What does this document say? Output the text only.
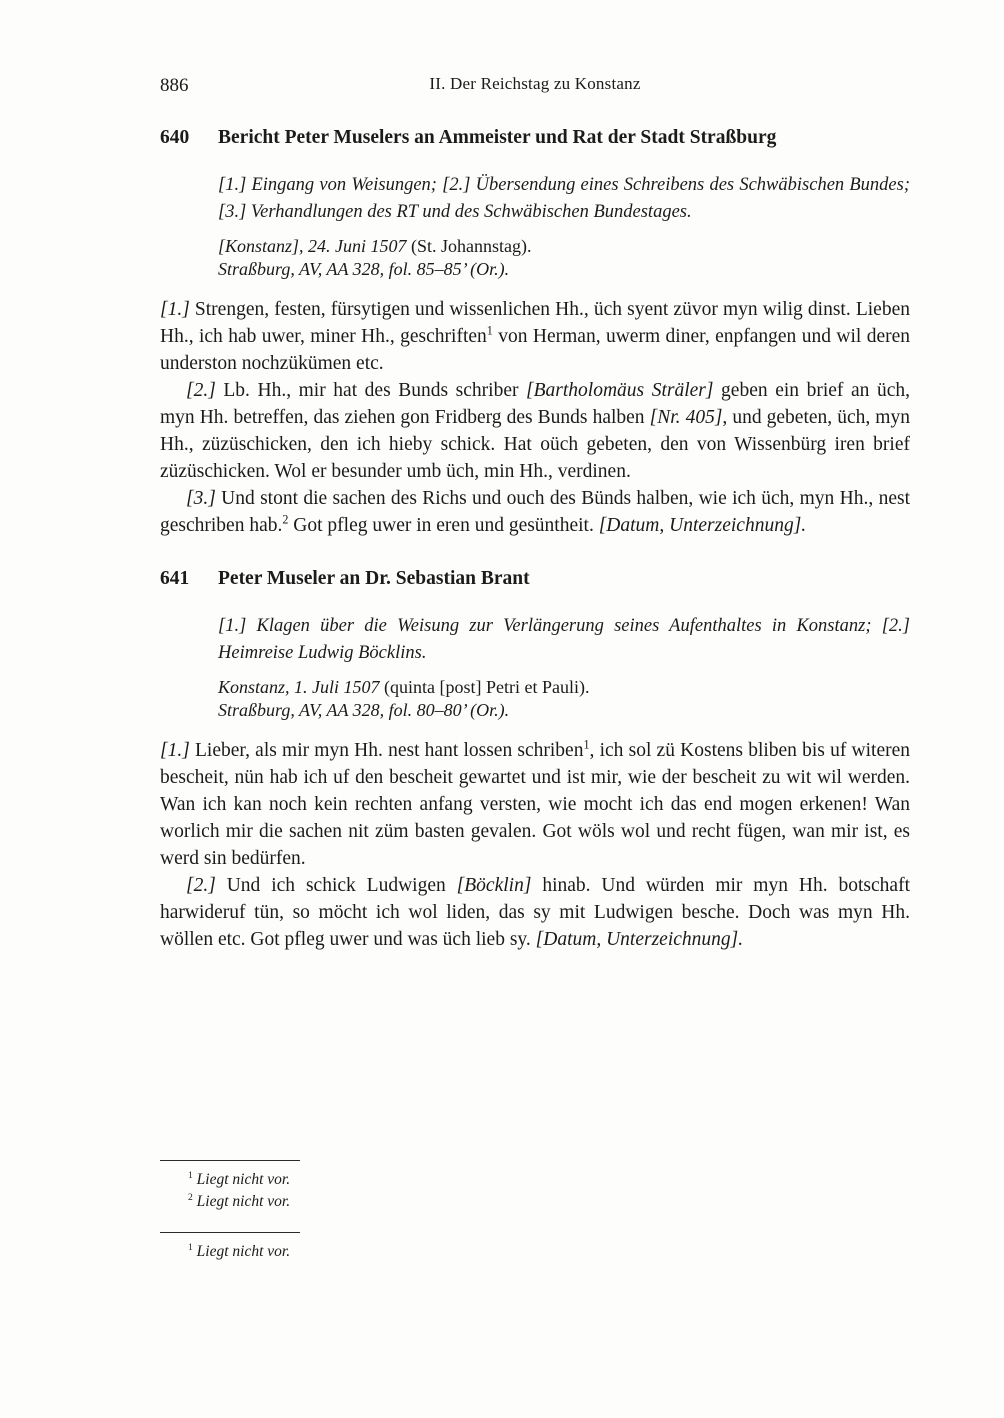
886	II. Der Reichstag zu Konstanz
640	Bericht Peter Muselers an Ammeister und Rat der Stadt Straßburg

[1.] Eingang von Weisungen; [2.] Übersendung eines Schreibens des Schwäbischen Bundes; [3.] Verhandlungen des RT und des Schwäbischen Bundestages.

[Konstanz], 24. Juni 1507 (St. Johannstag).

Straßburg, AV, AA 328, fol. 85–85’ (Or.).

[1.] Strengen, festen, fürsytigen und wissenlichen Hh., üch syent züvor myn wilig dinst. Lieben Hh., ich hab uwer, miner Hh., geschriften$^1$ von Herman, uwerm diner, enpfangen und wil deren underston nochzükümen etc.

[2.] Lb. Hh., mir hat des Bunds schriber [Bartholomäus Sträler] geben ein brief an üch, myn Hh. betreffen, das ziehen gon Fridberg des Bunds halben [Nr. 405], und gebeten, üch, myn Hh., züzüschicken, den ich hieby schick. Hat oüch gebeten, den von Wissenbürg iren brief züzüschicken. Wol er besunder umb üch, min Hh., verdinen.

[3.] Und stont die sachen des Richs und ouch des Bünds halben, wie ich üch, myn Hh., nest geschriben hab.$^2$ Got pfleg uwer in eren und gesüntheit. [Datum, Unterzeichnung].

641	Peter Museler an Dr. Sebastian Brant

[1.] Klagen über die Weisung zur Verlängerung seines Aufenthaltes in Konstanz; [2.] Heimreise Ludwig Böcklins.

Konstanz, 1. Juli 1507 (quinta [post] Petri et Pauli).

Straßburg, AV, AA 328, fol. 80–80’ (Or.).

[1.] Lieber, als mir myn Hh. nest hant lossen schriben$^1$, ich sol zü Kostens bliben bis uf witeren bescheit, nün hab ich uf den bescheit gewartet und ist mir, wie der bescheit zu wit wil werden. Wan ich kan noch kein rechten anfang versten, wie mocht ich das end mogen erkenen! Wan worlich mir die sachen nit züm basten gevalen. Got wöls wol und recht fügen, wan mir ist, es werd sin bedürfen.

[2.] Und ich schick Ludwigen [Böcklin] hinab. Und würden mir myn Hh. botschaft harwideruf tün, so möcht ich wol liden, das sy mit Ludwigen besche. Doch was myn Hh. wöllen etc. Got pfleg uwer und was üch lieb sy. [Datum, Unterzeichnung].

$^1$ Liegt nicht vor.
$^2$ Liegt nicht vor.
$^1$ Liegt nicht vor.
